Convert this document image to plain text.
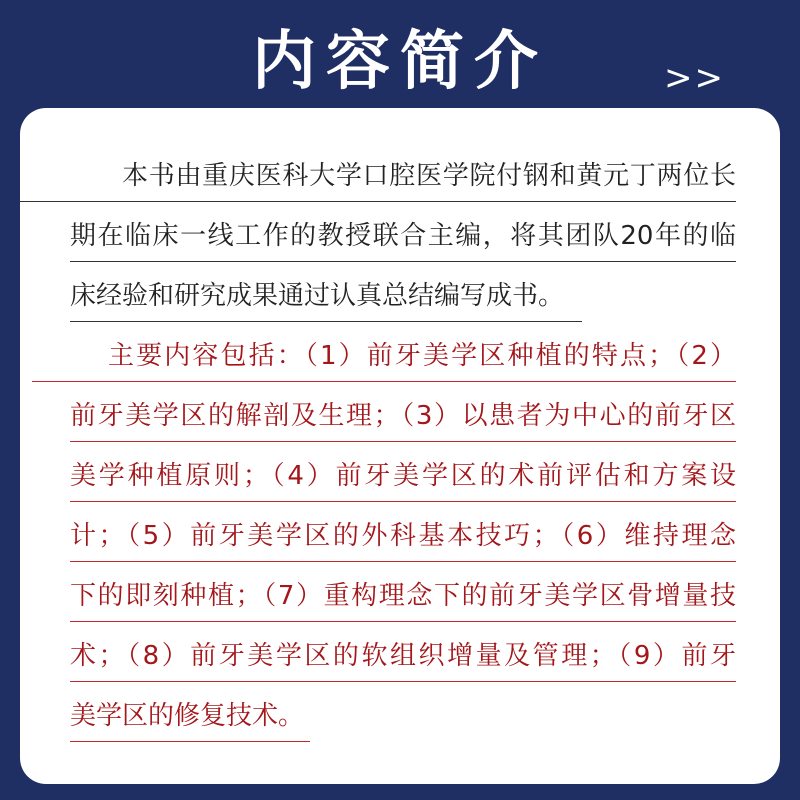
内容简介	>>
本书由重庆医科大学口腔医学院付钢和黄元丁两位长
期在临床一线工作的教授联合主编，将其团队20年的临
床经验和研究成果通过认真总结编写成书。
主要内容包括：（1）前牙美学区种植的特点；（2）
前牙美学区的解剖及生理；（3）以患者为中心的前牙区
美学种植原则；（4）前牙美学区的术前评估和方案设
计；（5）前牙美学区的外科基本技巧；（6）维持理念
下的即刻种植；（7）重构理念下的前牙美学区骨增量技
术；（8）前牙美学区的软组织增量及管理；（9）前牙
美学区的修复技术。
